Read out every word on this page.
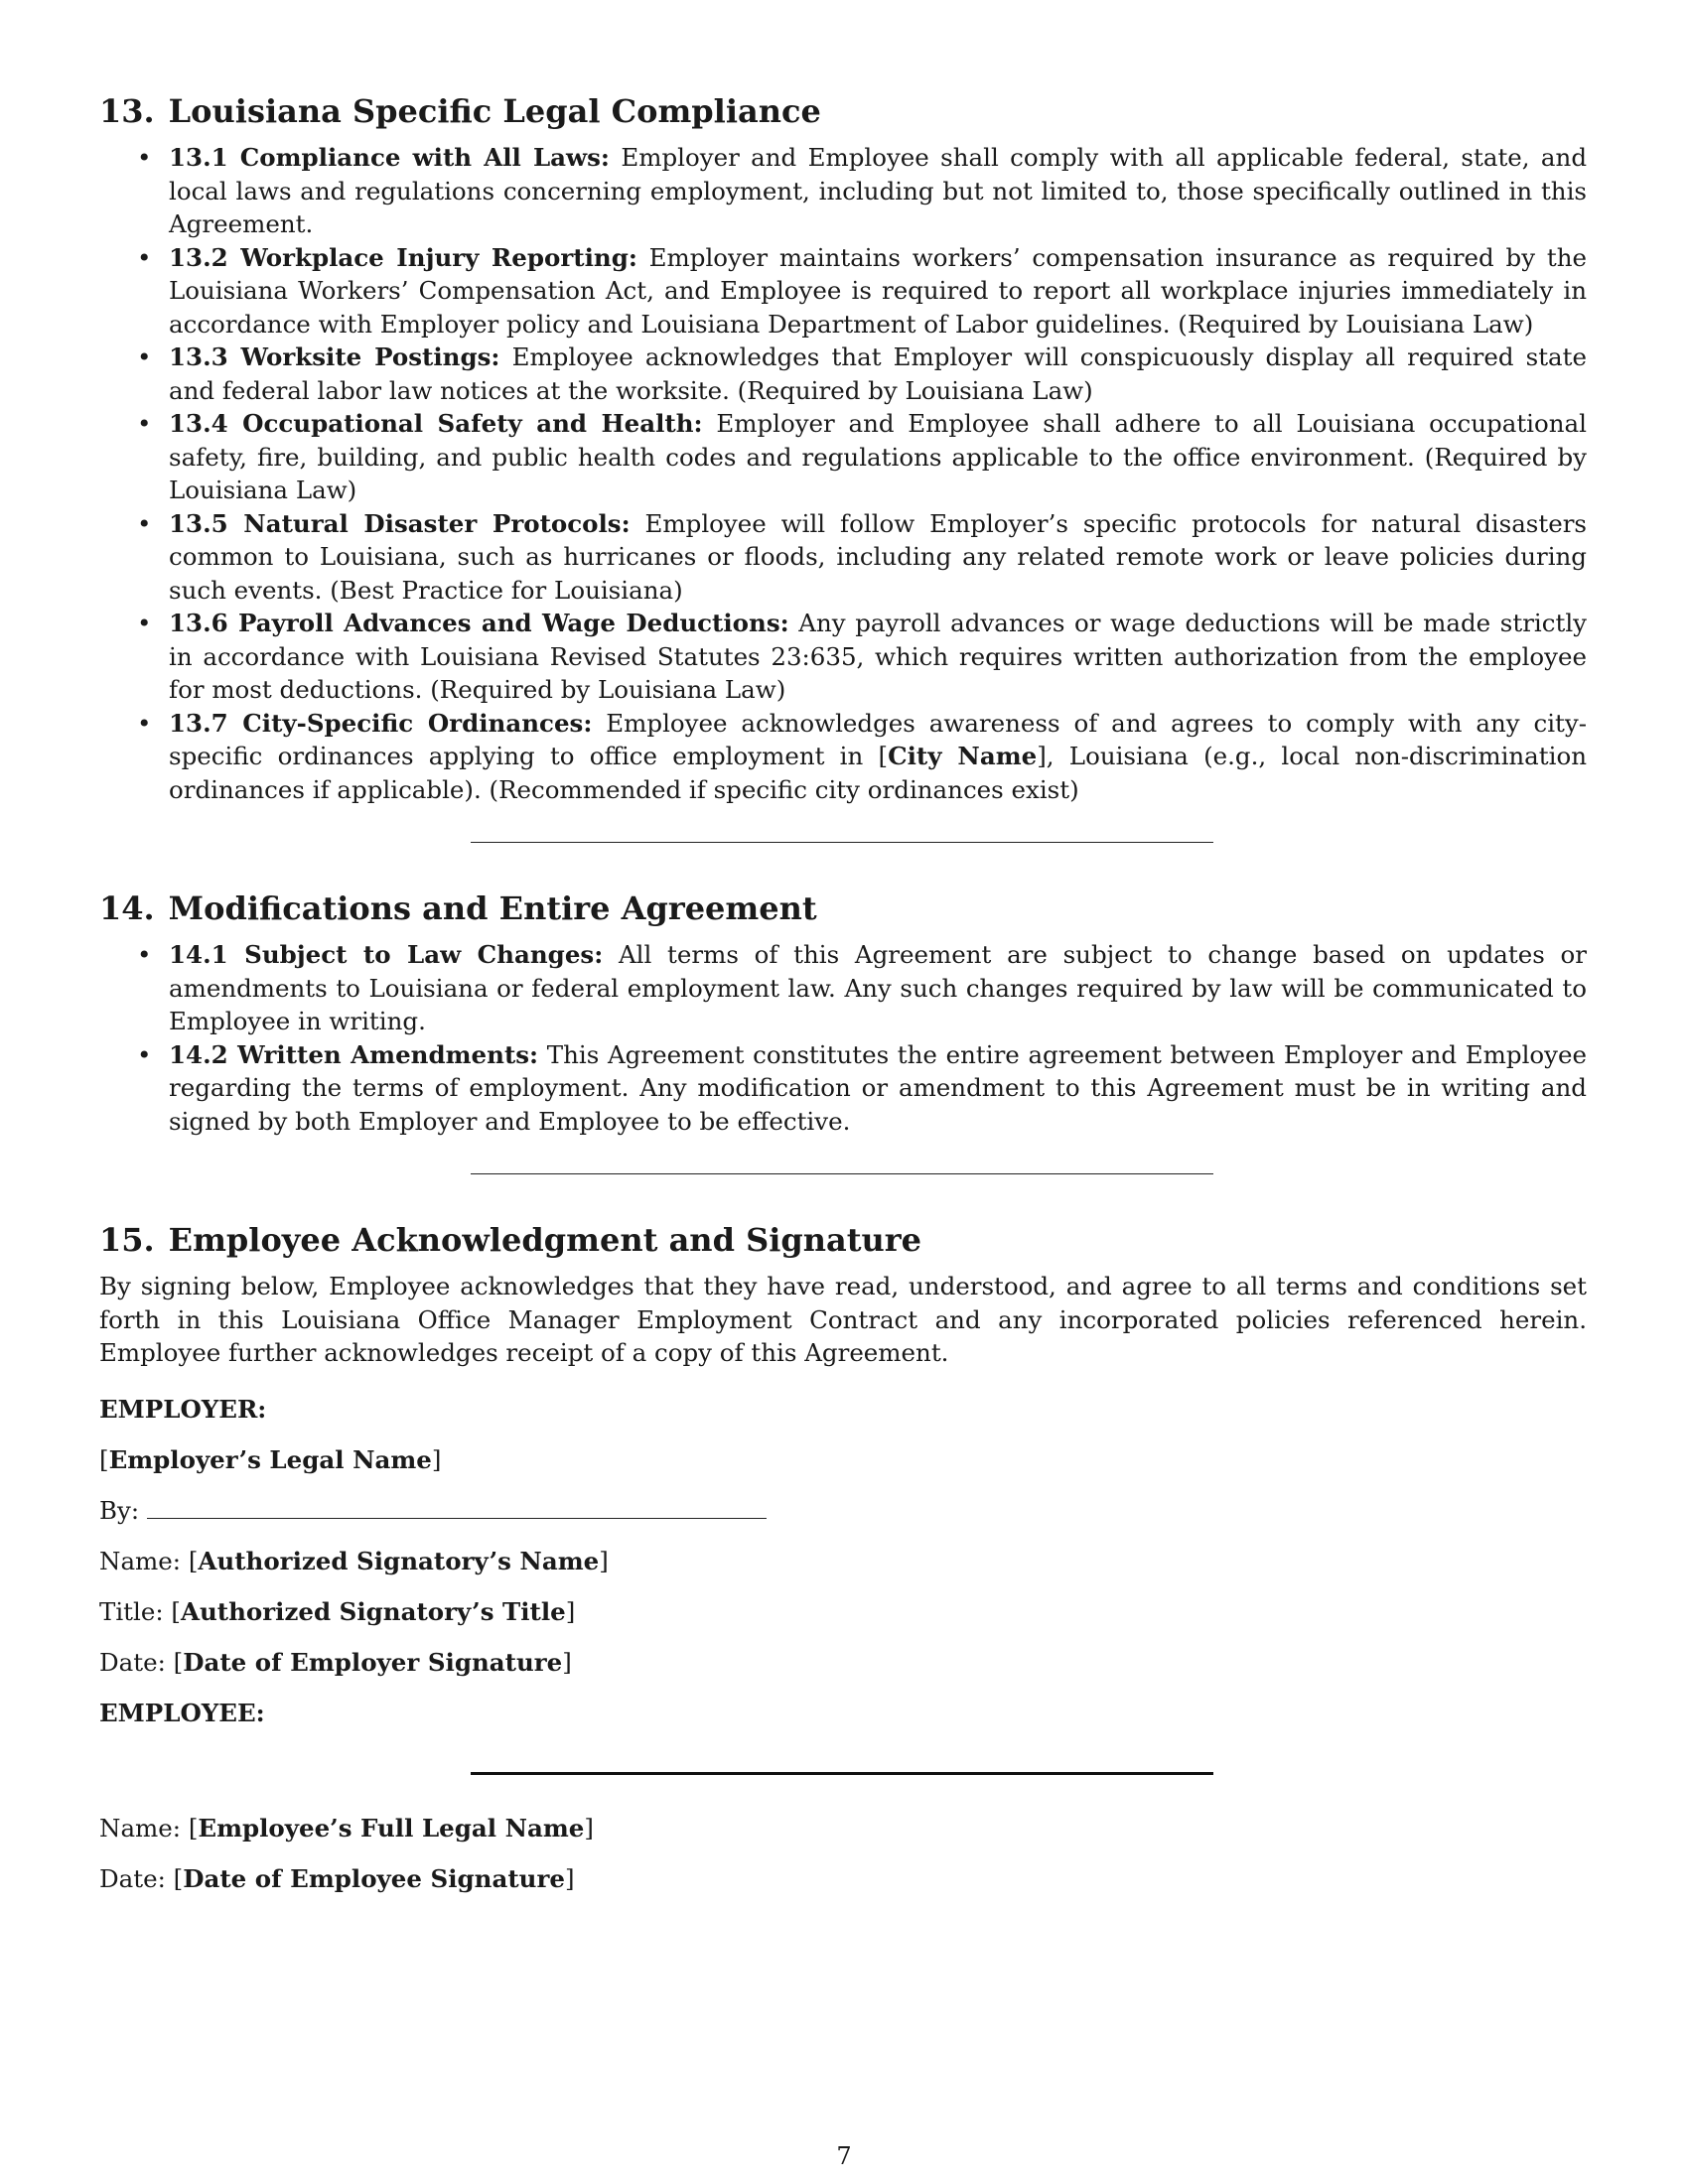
13. Louisiana Specific Legal Compliance
• 13.1 Compliance with All Laws: Employer and Employee shall comply with all applicable federal, state, and local laws and regulations concerning employment, including but not limited to, those specifically outlined in this Agreement.
• 13.2 Workplace Injury Reporting: Employer maintains workers’ compensation insurance as required by the Louisiana Workers’ Compensation Act, and Employee is required to report all workplace injuries immediately in accordance with Employer policy and Louisiana Department of Labor guidelines. (Required by Louisiana Law)
• 13.3 Worksite Postings: Employee acknowledges that Employer will conspicuously display all required state and federal labor law notices at the worksite. (Required by Louisiana Law)
• 13.4 Occupational Safety and Health: Employer and Employee shall adhere to all Louisiana occupational safety, fire, building, and public health codes and regulations applicable to the office environment. (Required by Louisiana Law)
• 13.5 Natural Disaster Protocols: Employee will follow Employer’s specific protocols for natural disasters common to Louisiana, such as hurricanes or floods, including any related remote work or leave policies during such events. (Best Practice for Louisiana)
• 13.6 Payroll Advances and Wage Deductions: Any payroll advances or wage deductions will be made strictly in accordance with Louisiana Revised Statutes 23:635, which requires written authorization from the employee for most deductions. (Required by Louisiana Law)
• 13.7 City-Specific Ordinances: Employee acknowledges awareness of and agrees to comply with any city-specific ordinances applying to office employment in [City Name], Louisiana (e.g., local non-discrimination ordinances if applicable). (Recommended if specific city ordinances exist)
14. Modifications and Entire Agreement
• 14.1 Subject to Law Changes: All terms of this Agreement are subject to change based on updates or amendments to Louisiana or federal employment law. Any such changes required by law will be communicated to Employee in writing.
• 14.2 Written Amendments: This Agreement constitutes the entire agreement between Employer and Employee regarding the terms of employment. Any modification or amendment to this Agreement must be in writing and signed by both Employer and Employee to be effective.
15. Employee Acknowledgment and Signature

By signing below, Employee acknowledges that they have read, understood, and agree to all terms and conditions set forth in this Louisiana Office Manager Employment Contract and any incorporated policies referenced herein. Employee further acknowledges receipt of a copy of this Agreement.

EMPLOYER:

[Employer’s Legal Name]

By:

Name: [Authorized Signatory’s Name]

Title: [Authorized Signatory’s Title]

Date: [Date of Employer Signature]

EMPLOYEE:

Name: [Employee’s Full Legal Name]

Date: [Date of Employee Signature]

7
